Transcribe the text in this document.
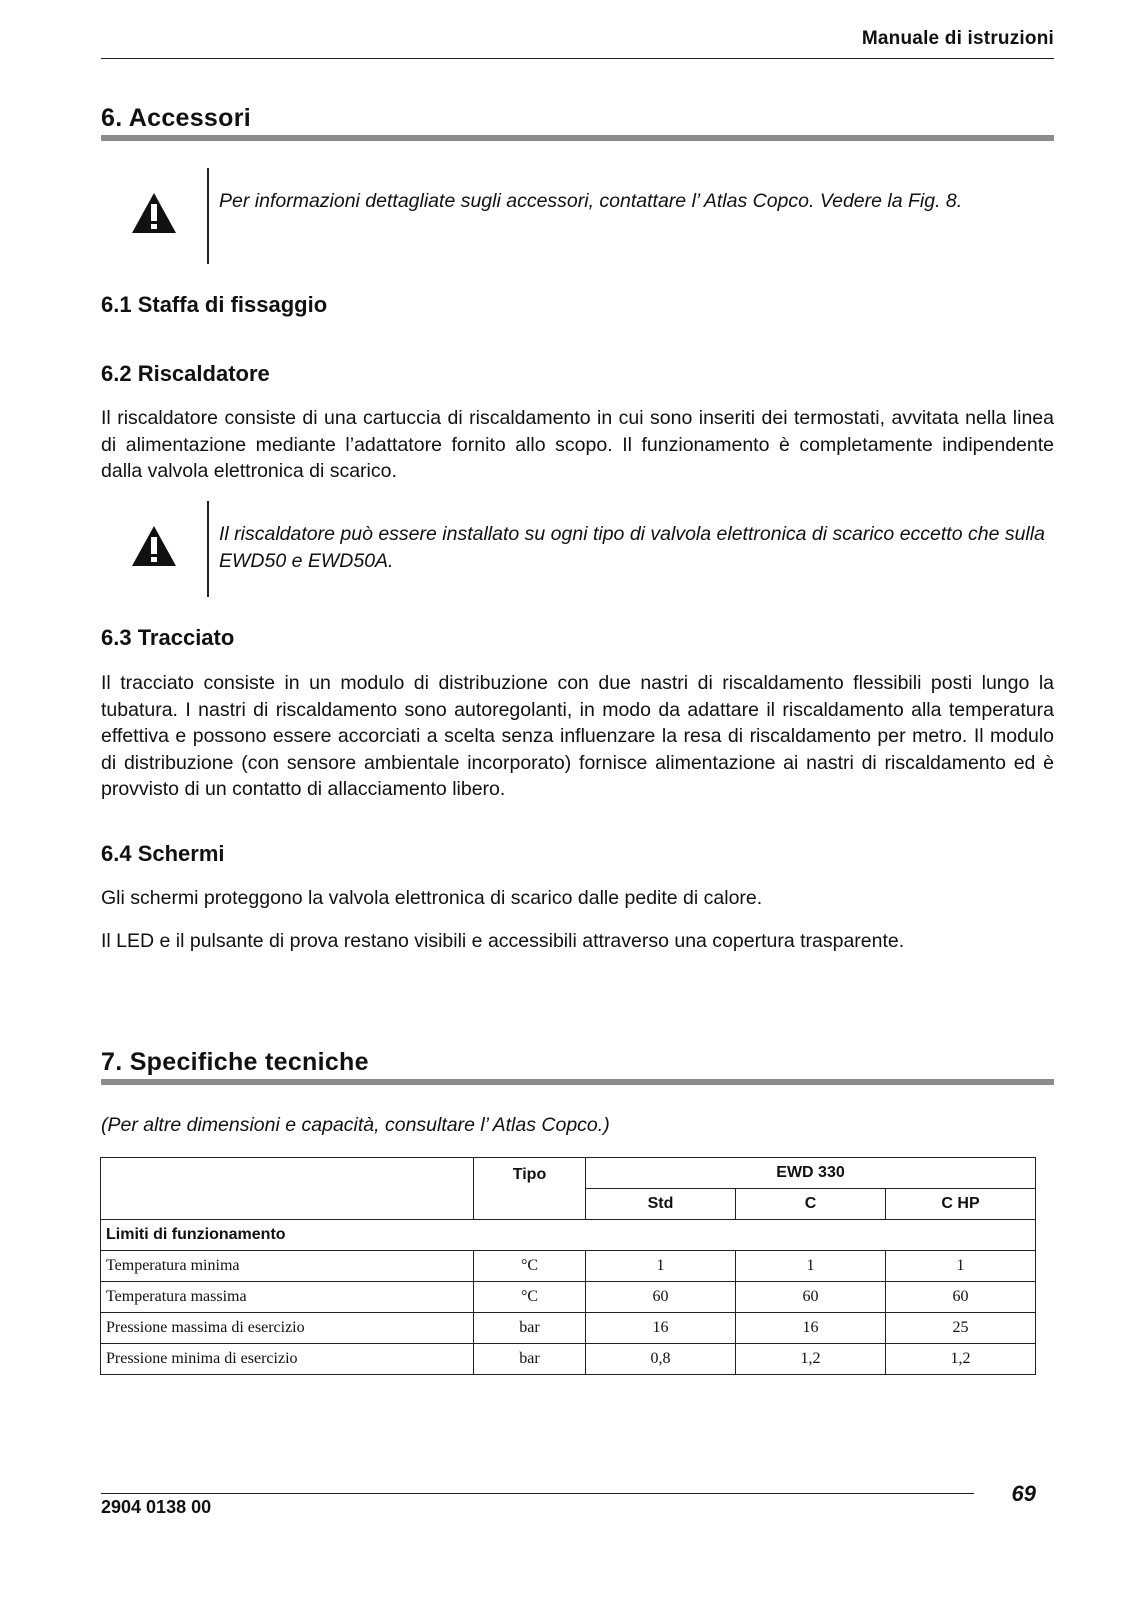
Manuale di istruzioni
6. Accessori
Per informazioni dettagliate sugli accessori, contattare l’ Atlas Copco. Vedere la Fig. 8.
6.1 Staffa di fissaggio
6.2 Riscaldatore
Il riscaldatore consiste di una cartuccia di riscaldamento in cui sono inseriti dei termostati, avvitata nella linea di alimentazione mediante l’adattatore fornito allo scopo. Il funzionamento è completamente indipendente dalla valvola elettronica di scarico.
Il riscaldatore può essere installato su ogni tipo di valvola elettronica di scarico eccetto che sulla EWD50 e EWD50A.
6.3 Tracciato
Il tracciato consiste in un modulo di distribuzione con due nastri di riscaldamento flessibili posti lungo la tubatura. I nastri di riscaldamento sono autoregolanti, in modo da adattare il riscaldamento alla temperatura effettiva e possono essere accorciati a scelta senza influenzare la resa di riscaldamento per metro. Il modulo di distribuzione (con sensore ambientale incorporato) fornisce alimentazione ai nastri di riscaldamento ed è provvisto di un contatto di allacciamento libero.
6.4 Schermi
Gli schermi proteggono la valvola elettronica di scarico dalle pedite di calore.
Il LED e il pulsante di prova restano visibili e accessibili attraverso una copertura trasparente.
7. Specifiche tecniche
(Per altre dimensioni e capacità, consultare l’ Atlas Copco.)
	Tipo	EWD 330		
		Std	C	C HP
Limiti di funzionamento				
Temperatura minima	°C	1	1	1
Temperatura massima	°C	60	60	60
Pressione massima di esercizio	bar	16	16	25
Pressione minima di esercizio	bar	0,8	1,2	1,2
2904 0138 00
69
